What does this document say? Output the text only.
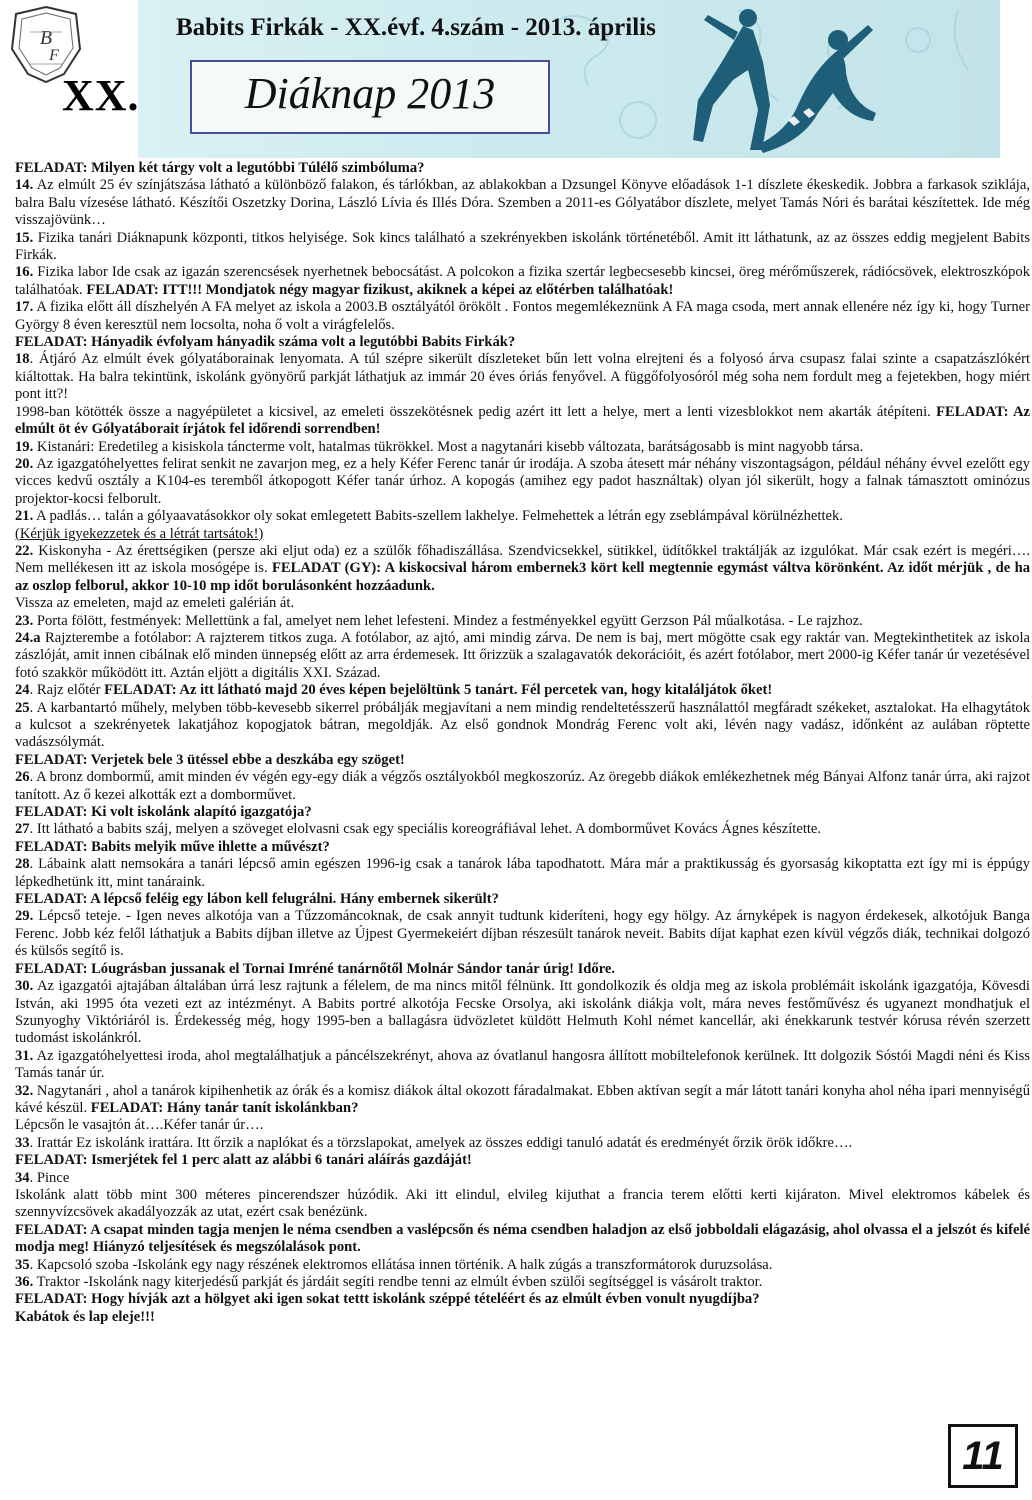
B
F
XX.
Babits Firkák - XX.évf. 4.szám - 2013. április
Diáknap 2013

FELADAT: Milyen két tárgy volt a legutóbbi Túlélő szimbóluma?

14. Az elmúlt 25 év színjátszása látható a különböző falakon, és tárlókban, az ablakokban a Dzsungel Könyve előadások 1-1 díszlete ékeskedik. Jobbra a farkasok sziklája, balra Balu vízesése látható. Készítői Oszetzky Dorina, László Lívia és Illés Dóra. Szemben a 2011-es Gólyatábor díszlete, melyet Tamás Nóri és barátai készítettek. Ide még visszajövünk…

15. Fizika tanári Diáknapunk központi, titkos helyisége. Sok kincs található a szekrényekben iskolánk történetéből. Amit itt láthatunk, az az összes eddig megjelent Babits Firkák.

16. Fizika labor Ide csak az igazán szerencsések nyerhetnek bebocsátást. A polcokon a fizika szertár legbecsesebb kincsei, öreg mérőműszerek, rádiócsövek, elektroszkópok találhatóak. FELADAT: ITT!!! Mondjatok négy magyar fizikust, akiknek a képei az előtérben találhatóak!

17. A fizika előtt áll díszhelyén A FA melyet az iskola a 2003.B osztályától örökölt . Fontos megemlékeznünk A FA maga csoda, mert annak ellenére néz így ki, hogy Turner György 8 éven keresztül nem locsolta, noha ő volt a virágfelelős.

FELADAT: Hányadik évfolyam hányadik száma volt a legutóbbi Babits Firkák?

18. Átjáró Az elmúlt évek gólyatáborainak lenyomata. A túl szépre sikerült díszleteket bűn lett volna elrejteni és a folyosó árva csupasz falai szinte a csapatzászlókért kiáltottak. Ha balra tekintünk, iskolánk gyönyörű parkját láthatjuk az immár 20 éves óriás fenyővel. A függőfolyosóról még soha nem fordult meg a fejetekben, hogy miért pont itt?!

1998-ban kötötték össze a nagyépületet a kicsivel, az emeleti összekötésnek pedig azért itt lett a helye, mert a lenti vizesblokkot nem akarták átépíteni. FELADAT: Az elmúlt öt év Gólyatáborait írjátok fel időrendi sorrendben!

19. Kistanári: Eredetileg a kisiskola táncterme volt, hatalmas tükrökkel. Most a nagytanári kisebb változata, barátságosabb is mint nagyobb társa.

20. Az igazgatóhelyettes felirat senkit ne zavarjon meg, ez a hely Kéfer Ferenc tanár úr irodája. A szoba átesett már néhány viszontagságon, például néhány évvel ezelőtt egy vicces kedvű osztály a K104-es teremből átkopogott Kéfer tanár úrhoz. A kopogás (amihez egy padot használtak) olyan jól sikerült, hogy a falnak támasztott ominózus projektor-kocsi felborult.

21. A padlás… talán a gólyaavatásokkor oly sokat emlegetett Babits-szellem lakhelye. Felmehettek a létrán egy zseblámpával körülnézhettek.

(Kérjük igyekezzetek és a létrát tartsátok!)

22. Kiskonyha - Az érettségiken (persze aki eljut oda) ez a szülők főhadiszállása. Szendvicsekkel, sütikkel, üdítőkkel traktálják az izgulókat. Már csak ezért is megéri…. Nem mellékesen itt az iskola mosógépe is. FELADAT (GY): A kiskocsival három embernek3 kört kell megtennie egymást váltva körönként. Az időt mérjük , de ha az oszlop felborul, akkor 10-10 mp időt borulásonként hozzáadunk.

Vissza az emeleten, majd az emeleti galérián át.

23. Porta fölött, festmények: Mellettünk a fal, amelyet nem lehet lefesteni. Mindez a festményekkel együtt Gerzson Pál műalkotása. - Le rajzhoz.

24.a Rajzterembe a fotólabor: A rajzterem titkos zuga. A fotólabor, az ajtó, ami mindig zárva. De nem is baj, mert mögötte csak egy raktár van. Megtekinthetitek az iskola zászlóját, amit innen cibálnak elő minden ünnepség előtt az arra érdemesek. Itt őrizzük a szalagavatók dekorációit, és azért fotólabor, mert 2000-ig Kéfer tanár úr vezetésével fotó szakkör működött itt. Aztán eljött a digitális XXI. Század.

24. Rajz előtér FELADAT: Az itt látható majd 20 éves képen bejelöltünk 5 tanárt. Fél percetek van, hogy kitaláljátok őket!

25. A karbantartó műhely, melyben több-kevesebb sikerrel próbálják megjavítani a nem mindig rendeltetésszerű használattól megfáradt székeket, asztalokat. Ha elhagytátok a kulcsot a szekrényetek lakatjához kopogjatok bátran, megoldják. Az első gondnok Mondrág Ferenc volt aki, lévén nagy vadász, időnként az aulában röptette vadászsólymát.

FELADAT: Verjetek bele 3 ütéssel ebbe a deszkába egy szöget!

26. A bronz dombormű, amit minden év végén egy-egy diák a végzős osztályokból megkoszorúz. Az öregebb diákok emlékezhetnek még Bányai Alfonz tanár úrra, aki rajzot tanított. Az ő kezei alkották ezt a domborművet.

FELADAT: Ki volt iskolánk alapító igazgatója?

27. Itt látható a babits száj, melyen a szöveget elolvasni csak egy speciális koreográfiával lehet. A domborművet Kovács Ágnes készítette.

FELADAT: Babits melyik műve ihlette a művészt?

28. Lábaink alatt nemsokára a tanári lépcső amin egészen 1996-ig csak a tanárok lába tapodhatott. Mára már a praktikusság és gyorsaság kikoptatta ezt így mi is éppúgy lépkedhetünk itt, mint tanáraink.

FELADAT: A lépcső feléig egy lábon kell felugrálni. Hány embernek sikerült?

29. Lépcső teteje. - Igen neves alkotója van a Tűzzománcoknak, de csak annyit tudtunk kideríteni, hogy egy hölgy. Az árnyképek is nagyon érdekesek, alkotójuk Banga Ferenc. Jobb kéz felől láthatjuk a Babits díjban illetve az Újpest Gyermekeiért díjban részesült tanárok neveit. Babits díjat kaphat ezen kívül végzős diák, technikai dolgozó és külsős segítő is.

FELADAT: Lóugrásban jussanak el Tornai Imréné tanárnőtől Molnár Sándor tanár úrig! Időre.

30. Az igazgatói ajtajában általában úrrá lesz rajtunk a félelem, de ma nincs mitől félnünk. Itt gondolkozik és oldja meg az iskola problémáit iskolánk igazgatója, Kövesdi István, aki 1995 óta vezeti ezt az intézményt. A Babits portré alkotója Fecske Orsolya, aki iskolánk diákja volt, mára neves festőművész és ugyanezt mondhatjuk el Szunyoghy Viktóriáról is. Érdekesség még, hogy 1995-ben a ballagásra üdvözletet küldött Helmuth Kohl német kancellár, aki énekkarunk testvér kórusa révén szerzett tudomást iskolánkról.

31. Az igazgatóhelyettesi iroda, ahol megtalálhatjuk a páncélszekrényt, ahova az óvatlanul hangosra állított mobiltelefonok kerülnek. Itt dolgozik Sóstói Magdi néni és Kiss Tamás tanár úr.

32. Nagytanári , ahol a tanárok kipihenhetik az órák és a komisz diákok által okozott fáradalmakat. Ebben aktívan segít a már látott tanári konyha ahol néha ipari mennyiségű kávé készül. FELADAT: Hány tanár tanít iskolánkban?

Lépcsőn le vasajtón át….Kéfer tanár úr….

33. Irattár Ez iskolánk irattára. Itt őrzik a naplókat és a törzslapokat, amelyek az összes eddigi tanuló adatát és eredményét őrzik örök időkre….

FELADAT: Ismerjétek fel 1 perc alatt az alábbi 6 tanári aláírás gazdáját!

34. Pince

Iskolánk alatt több mint 300 méteres pincerendszer húzódik. Aki itt elindul, elvileg kijuthat a francia terem előtti kerti kijáraton. Mivel elektromos kábelek és szennyvízcsövek akadályozzák az utat, ezért csak benézünk.

FELADAT: A csapat minden tagja menjen le néma csendben a vaslépcsőn és néma csendben haladjon az első jobboldali elágazásig, ahol olvassa el a jelszót és kifelé modja meg! Hiányzó teljesítések és megszólalások pont.

35. Kapcsoló szoba -Iskolánk egy nagy részének elektromos ellátása innen történik. A halk zúgás a transzformátorok duruzsolása.

36. Traktor -Iskolánk nagy kiterjedésű parkját és járdáit segíti rendbe tenni az elmúlt évben szülői segítséggel is vásárolt traktor.

FELADAT: Hogy hívják azt a hölgyet aki igen sokat tettt iskolánk széppé tételéért és az elmúlt évben vonult nyugdíjba?

Kabátok és lap eleje!!!

11
